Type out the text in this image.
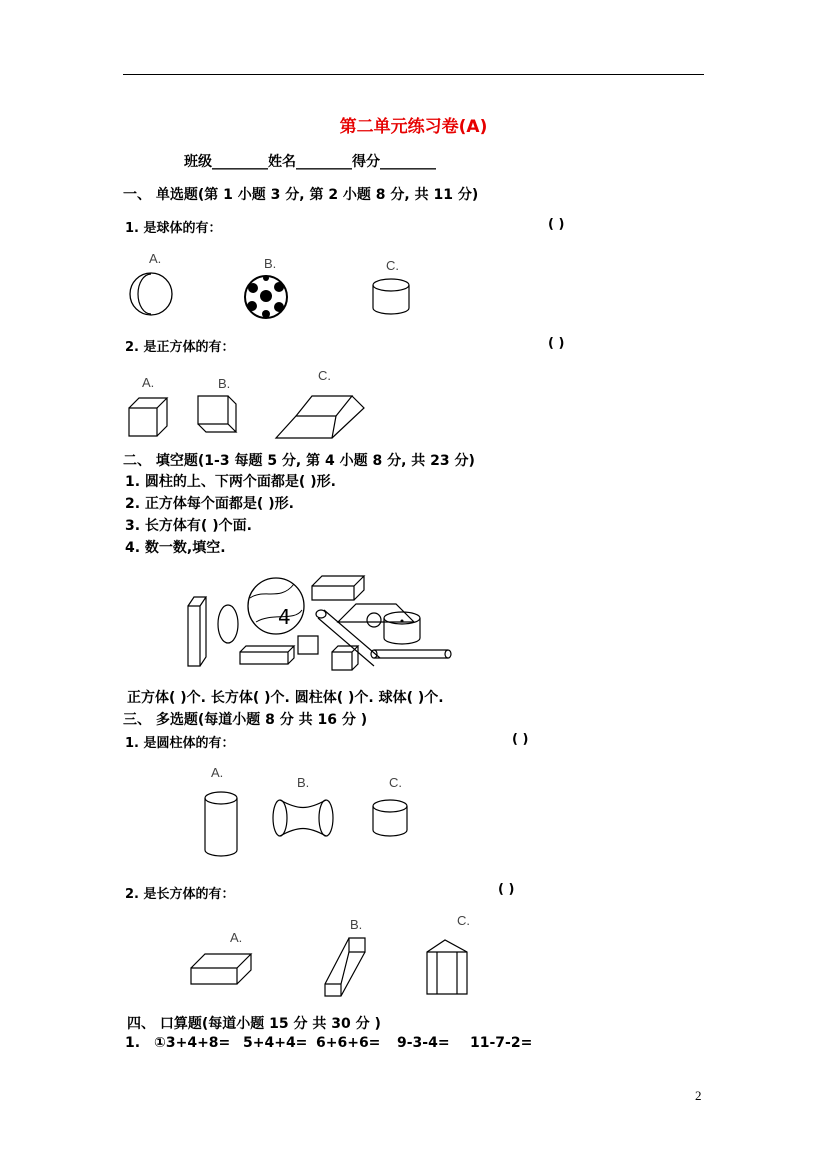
第二单元练习卷(A)
班级________姓名________得分________
一、 单选题(第 1 小题 3 分, 第 2 小题 8 分, 共 11 分)
1. 是球体的有：	( )
A.	B.	C.
2. 是正方体的有：	( )
A.	B.
C.
二、 填空题(1-3 每题 5 分, 第 4 小题 8 分, 共 23 分)
1. 圆柱的上、下两个面都是( )形.
2. 正方体每个面都是( )形.
3. 长方体有( )个面.
4. 数一数,填空.
4
正方体( )个. 长方体( )个. 圆柱体( )个. 球体( )个.
三、 多选题(每道小题 8 分 共 16 分 )
1. 是圆柱体的有：	( )
A.
B.	C.
2. 是长方体的有：	( )
A.
B.	C.
四、 口算题(每道小题 15 分 共 30 分 )
1. ①3+4+8= 5+4+4= 6+6+6= 9-3-4= 11-7-2=
2
